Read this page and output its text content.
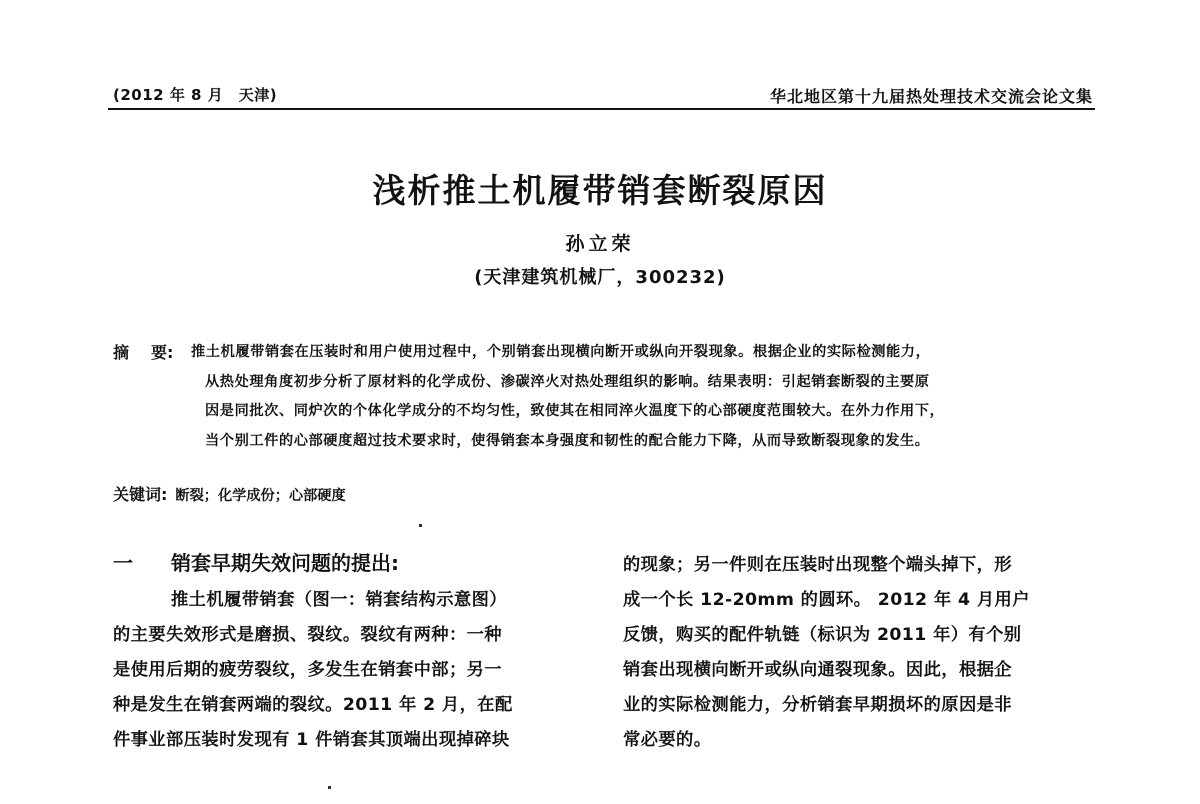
(2012 年 8 月　天津)	华北地区第十九届热处理技术交流会论文集
浅析推土机履带销套断裂原因
孙立荣
(天津建筑机械厂，300232)
摘 要: 推土机履带销套在压装时和用户使用过程中，个别销套出现横向断开或纵向开裂现象。根据企业的实际检测能力，
从热处理角度初步分析了原材料的化学成份、渗碳淬火对热处理组织的影响。结果表明：引起销套断裂的主要原
因是同批次、同炉次的个体化学成分的不均匀性，致使其在相同淬火温度下的心部硬度范围较大。在外力作用下，
当个别工件的心部硬度超过技术要求时，使得销套本身强度和韧性的配合能力下降，从而导致断裂现象的发生。
关键词: 断裂；化学成份；心部硬度
一 销套早期失效问题的提出:
推土机履带销套（图一：销套结构示意图）
的主要失效形式是磨损、裂纹。裂纹有两种：一种
是使用后期的疲劳裂纹，多发生在销套中部；另一
种是发生在销套两端的裂纹。2011 年 2 月，在配
件事业部压装时发现有 1 件销套其顶端出现掉碎块
的现象；另一件则在压装时出现整个端头掉下，形
成一个长 12-20mm 的圆环。 2012 年 4 月用户
反馈，购买的配件轨链（标识为 2011 年）有个别
销套出现横向断开或纵向通裂现象。因此，根据企
业的实际检测能力，分析销套早期损坏的原因是非
常必要的。
